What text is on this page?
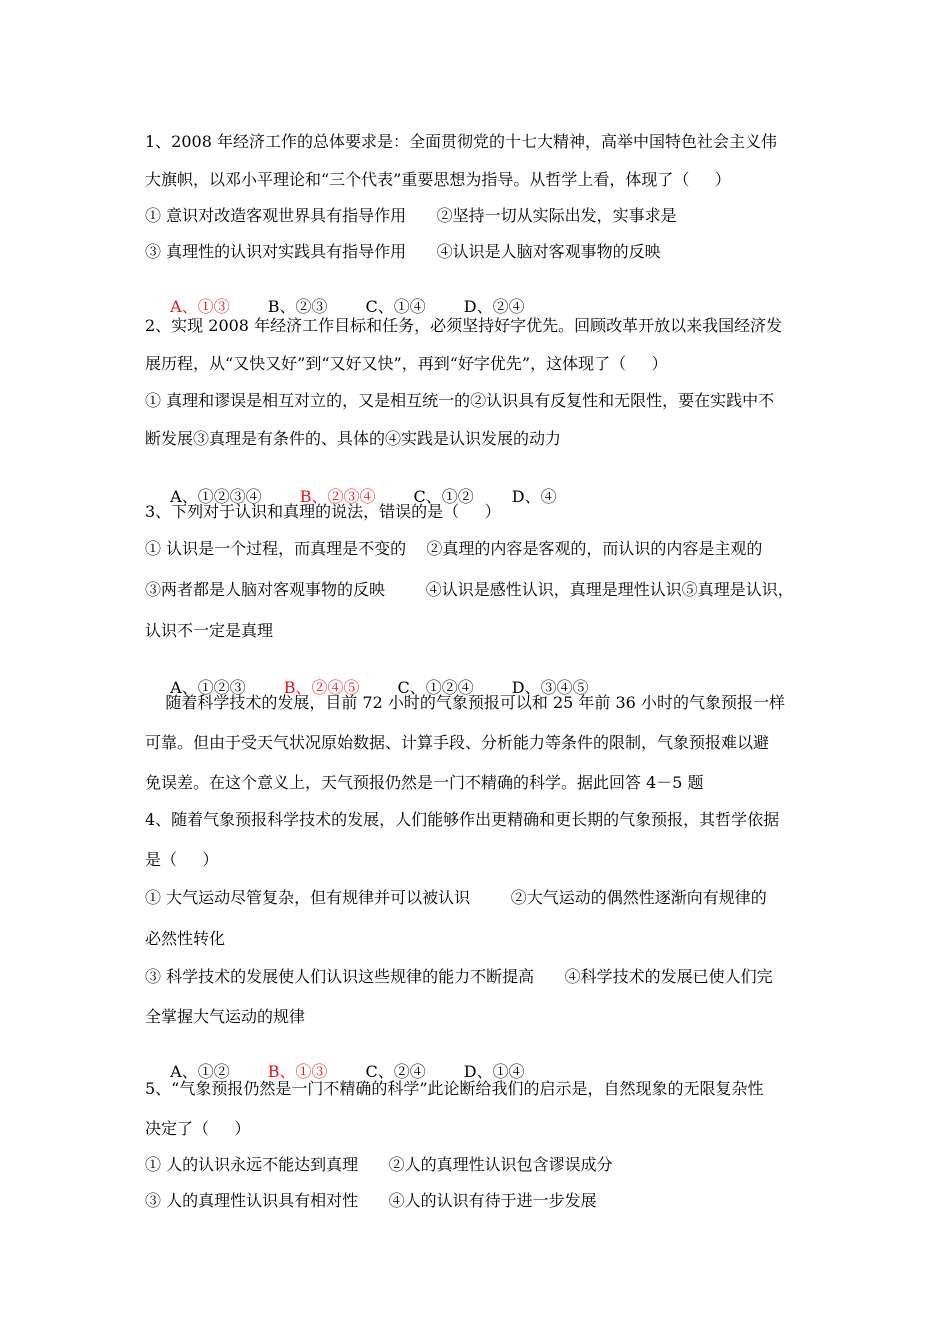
1、2008 年经济工作的总体要求是：全面贯彻党的十七大精神，高举中国特色社会主义伟
大旗帜，以邓小平理论和“三个代表”重要思想为指导。从哲学上看，体现了（     ）
① 意识对改造客观世界具有指导作用      ②坚持一切从实际出发，实事求是
③ 真理性的认识对实践具有指导作用      ④认识是人脑对客观事物的反映

A、①③ B、②③ C、①④ D、②④

2、实现 2008 年经济工作目标和任务，必须坚持好字优先。回顾改革开放以来我国经济发
展历程，从“又快又好”到“又好又快”，再到“好字优先”，这体现了（     ）
① 真理和谬误是相互对立的，又是相互统一的②认识具有反复性和无限性，要在实践中不
断发展③真理是有条件的、具体的④实践是认识发展的动力

A、①②③④ B、②③④ C、①② D、④

3、下列对于认识和真理的说法，错误的是（     ）
① 认识是一个过程，而真理是不变的    ②真理的内容是客观的，而认识的内容是主观的
③两者都是人脑对客观事物的反映        ④认识是感性认识，真理是理性认识⑤真理是认识，
认识不一定是真理

A、①②③ B、②④⑤ C、①②④ D、③④⑤

随着科学技术的发展，目前 72 小时的气象预报可以和 25 年前 36 小时的气象预报一样
可靠。但由于受天气状况原始数据、计算手段、分析能力等条件的限制，气象预报难以避
免误差。在这个意义上，天气预报仍然是一门不精确的科学。据此回答 4－5 题
4、随着气象预报科学技术的发展，人们能够作出更精确和更长期的气象预报，其哲学依据
是（     ）
① 大气运动尽管复杂，但有规律并可以被认识        ②大气运动的偶然性逐渐向有规律的
必然性转化
③ 科学技术的发展使人们认识这些规律的能力不断提高      ④科学技术的发展已使人们完
全掌握大气运动的规律

A、①② B、①③ C、②④ D、①④

5、“气象预报仍然是一门不精确的科学”此论断给我们的启示是，自然现象的无限复杂性
决定了（     ）
① 人的认识永远不能达到真理      ②人的真理性认识包含谬误成分
③ 人的真理性认识具有相对性      ④人的认识有待于进一步发展
